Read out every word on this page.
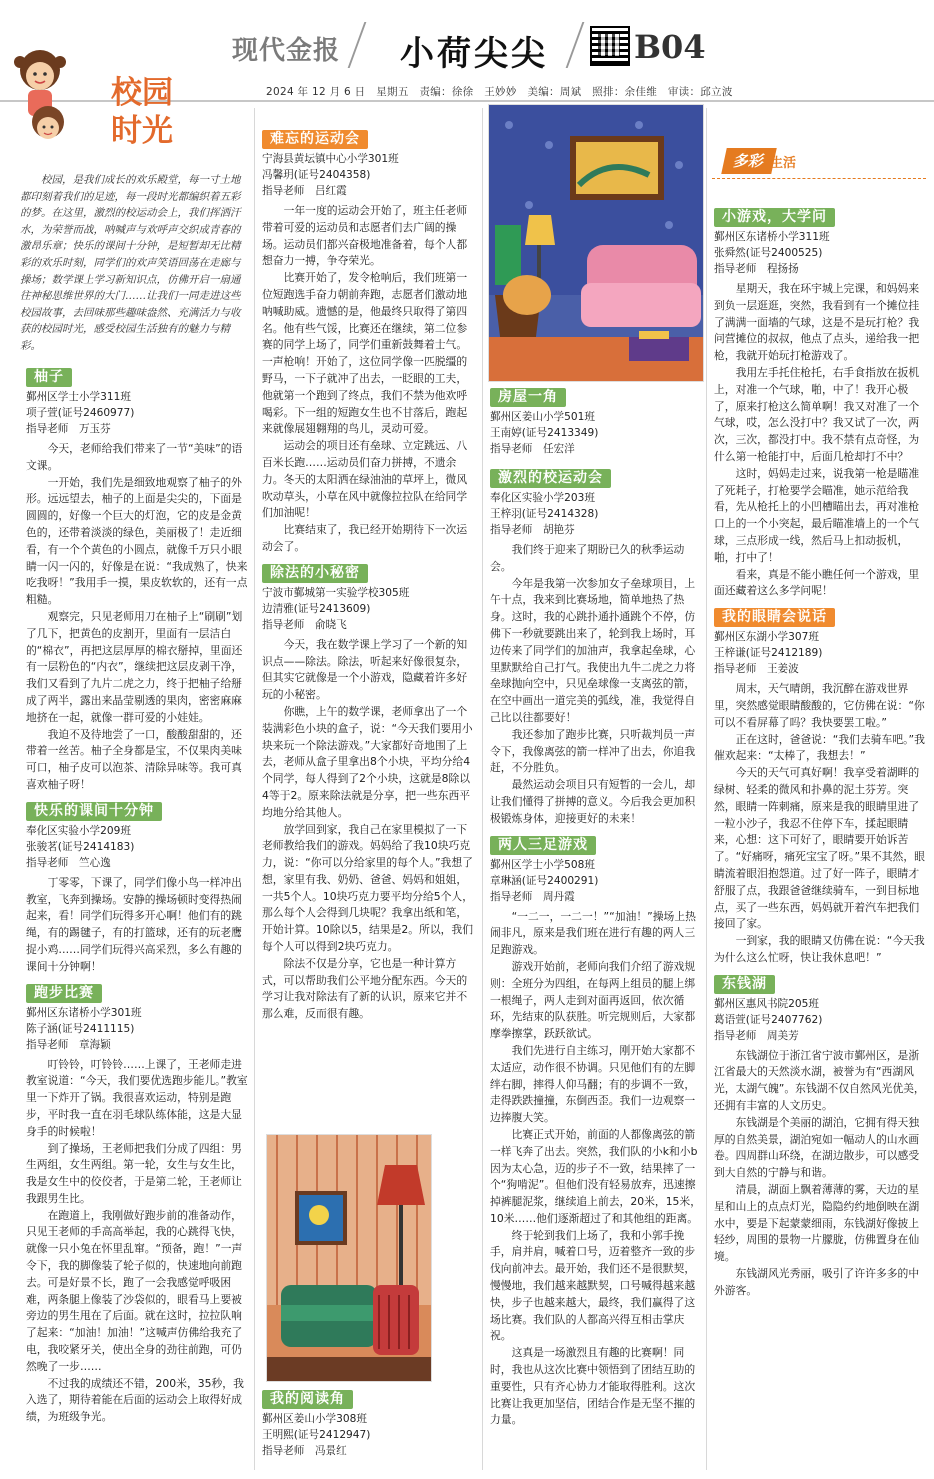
现代金报 小荷尖尖	B04
2024 年 12 月 6 日　星期五　责编：徐徐　王妙妙　美编：周斌　照排：余佳维　审读：邱立波
校园
时光
校园，是我们成长的欢乐殿堂，每一寸土地都印刻着我们的足迹，每一段时光都编织着五彩的梦。在这里，激烈的校运动会上，我们挥洒汗水，为荣誉而战，呐喊声与欢呼声交织成青春的激昂乐章；快乐的课间十分钟，是短暂却无比精彩的欢乐时刻，同学们的欢声笑语回荡在走廊与操场；数学课上学习新知识点，仿佛开启一扇通往神秘思维世界的大门……让我们一同走进这些校园故事，去回味那些趣味盎然、充满活力与收获的校园时光，感受校园生活独有的魅力与精彩。
柚子
鄞州区学士小学311班
项子萱(证号2460977)
指导老师　万玉芬

今天，老师给我们带来了一节“美味”的语文课。

一开始，我们先是细致地观察了柚子的外形。远远望去，柚子的上面是尖尖的，下面是圆圆的，好像一个巨大的灯泡，它的皮是金黄色的，还带着淡淡的绿色，美丽极了！走近细看，有一个个黄色的小圆点，就像千万只小眼睛一闪一闪的，好像是在说：“我成熟了，快来吃我呀！”我用手一摸，果皮软软的，还有一点粗糙。

观察完，只见老师用刀在柚子上“刷刷”划了几下，把黄色的皮割开，里面有一层洁白的“棉衣”，再把这层厚厚的棉衣掰掉，里面还有一层粉色的“内衣”，继续把这层皮剥干净，我们又看到了九片二虎之力，终于把柚子给掰成了两半，露出来晶莹剔透的果肉，密密麻麻地挤在一起，就像一群可爱的小娃娃。

我迫不及待地尝了一口，酸酸甜甜的，还带着一丝苦。柚子全身都是宝，不仅果肉美味可口，柚子皮可以泡茶、清除异味等。我可真喜欢柚子呀！

快乐的课间十分钟
奉化区实验小学209班
张骏茗(证号2414183)
指导老师　竺心逸

丁零零，下课了，同学们像小鸟一样冲出教室，飞奔到操场。安静的操场顿时变得热闹起来，看！同学们玩得多开心啊！他们有的跳绳，有的踢毽子，有的打篮球，还有的玩老鹰捉小鸡……同学们玩得兴高采烈，多么有趣的课间十分钟啊！

跑步比赛
鄞州区东诸桥小学301班
陈子涵(证号2411115)
指导老师　章海颖

叮铃铃，叮铃铃……上课了，王老师走进教室说道：“今天，我们要优选跑步能儿。”教室里一下炸开了锅。我很喜欢运动，特别是跑步，平时我一直在羽毛球队练体能，这是大显身手的时候啦！

到了操场，王老师把我们分成了四组：男生两组，女生两组。第一轮，女生与女生比，我是女生中的佼佼者，于是第二轮，王老师让我跟男生比。

在跑道上，我刚做好跑步前的准备动作，只见王老师的手高高举起，我的心跳得飞快，就像一只小兔在怀里乱窜。“预备，跑！”一声令下，我的脚像装了轮子似的，快速地向前跑去。可是好景不长，跑了一会我感觉呼吸困难，两条腿上像装了沙袋似的，眼看马上要被旁边的男生甩在了后面。就在这时，拉拉队响了起来：“加油！加油！”这喊声仿佛给我充了电，我咬紧牙关，使出全身的劲往前跑，可仍然晚了一步……

不过我的成绩还不错，200米，35秒，我入选了，期待着能在后面的运动会上取得好成绩，为班级争光。

难忘的运动会
宁海县黄坛镇中心小学301班
冯馨玥(证号2404358)
指导老师　吕红霞

一年一度的运动会开始了，班主任老师带着可爱的运动员和志愿者们去广阔的操场。运动员们都兴奋极地准备着，每个人都想奋力一搏，争夺荣光。

比赛开始了，发令枪响后，我们班第一位短跑选手奋力朝前奔跑，志愿者们激动地呐喊助威。遗憾的是，他最终只取得了第四名。他有些气馁，比赛还在继续，第二位参赛的同学上场了，同学们重新鼓舞着士气。一声枪响！开始了，这位同学像一匹脱缰的野马，一下子就冲了出去，一眨眼的工夫，他就第一个跑到了终点，我们不禁为他欢呼喝彩。下一组的短跑女生也不甘落后，跑起来就像展翅翱翔的鸟儿，灵动可爱。

运动会的项目还有垒球、立定跳远、八百米长跑……运动员们奋力拼搏，不遗余力。冬天的太阳洒在绿油油的草坪上，微风吹动草头，小草在风中就像拉拉队在给同学们加油呢！

比赛结束了，我已经开始期待下一次运动会了。

除法的小秘密
宁波市鄞城第一实验学校305班
边清雅(证号2413609)
指导老师　俞晓飞

今天，我在数学课上学习了一个新的知识点——除法。除法，听起来好像很复杂，但其实它就像是一个小游戏，隐藏着许多好玩的小秘密。

你瞧，上午的数学课，老师拿出了一个装满彩色小块的盒子，说：“今天我们要用小块来玩一个除法游戏。”大家都好奇地围了上去，老师从盒子里拿出8个小块，平均分给4个同学，每人得到了2个小块，这就是8除以4等于2。原来除法就是分享，把一些东西平均地分给其他人。

放学回到家，我自己在家里模拟了一下老师教给我们的游戏。妈妈给了我10块巧克力，说：“你可以分给家里的每个人。”我想了想，家里有我、奶奶、爸爸、妈妈和姐姐，一共5个人。10块巧克力要平均分给5个人，那么每个人会得到几块呢？我拿出纸和笔，开始计算。10除以5，结果是2。所以，我们每个人可以得到2块巧克力。

除法不仅是分享，它也是一种计算方式，可以帮助我们公平地分配东西。今天的学习让我对除法有了新的认识，原来它并不那么难，反而很有趣。

我的阅读角
鄞州区姜山小学308班
王明熙(证号2412947)
指导老师　冯景红
房屋一角
鄞州区姜山小学501班
王南婷(证号2413349)
指导老师　任宏洋
激烈的校运动会
奉化区实验小学203班
王梓羽(证号2414328)
指导老师　胡艳芬

我们终于迎来了期盼已久的秋季运动会。

今年是我第一次参加女子垒球项目，上午十点，我来到比赛场地，简单地热了热身。这时，我的心跳扑通扑通跳个不停，仿佛下一秒就要跳出来了，轮到我上场时，耳边传来了同学们的加油声，我拿起垒球，心里默默给自己打气。我使出九牛二虎之力将垒球抛向空中，只见垒球像一支离弦的箭，在空中画出一道完美的弧线，准，我觉得自己比以往都要好！

我还参加了跑步比赛，只听裁判员一声令下，我像离弦的箭一样冲了出去，你追我赶，不分胜负。

最然运动会项目只有短暂的一会儿，却让我们懂得了拼搏的意义。今后我会更加积极锻炼身体，迎接更好的未来！

两人三足游戏
鄞州区学士小学508班
章琳涵(证号2400291)
指导老师　周丹霞

“一二一，一二一！”“加油！”操场上热闹非凡，原来是我们班在进行有趣的两人三足跑游戏。

游戏开始前，老师向我们介绍了游戏规则：全班分为四组，在每两上组员的腿上绑一根绳子，两人走到对面再返回，依次循环，先结束的队获胜。听完规则后，大家都摩拳擦掌，跃跃欲试。

我们先进行自主练习，刚开始大家都不太适应，动作很不协调。只见他们有的左脚绊右脚，摔得人仰马翻；有的步调不一致，走得跌跌撞撞，东倒西歪。我们一边观察一边捧腹大笑。

比赛正式开始，前面的人都像离弦的箭一样飞奔了出去。突然，我们队的小k和小b因为太心急，迈的步子不一致，结果摔了一个“狗啃泥”。但他们没有轻易放弃，迅速擦掉裤腿泥浆，继续追上前去，20米，15米，10米……他们逐渐超过了和其他组的距离。

终于轮到我们上场了，我和小郭手挽手，肩并肩，喊着口号，迈着整齐一致的步伐向前冲去。最开始，我们还不是很默契，慢慢地，我们越来越默契，口号喊得越来越快，步子也越来越大，最终，我们赢得了这场比赛。我们队的人都高兴得互相击掌庆祝。

这真是一场激烈且有趣的比赛啊！同时，我也从这次比赛中领悟到了团结互助的重要性，只有齐心协力才能取得胜利。这次比赛让我更加坚信，团结合作是无坚不摧的力量。

多彩 生活
小游戏，大学问
鄞州区东诸桥小学311班
张舜然(证号2400525)
指导老师　程扬扬

星期天，我在环宇城上完课，和妈妈来到负一层逛逛，突然，我看到有一个摊位挂了满满一面墙的气球，这是不是玩打枪？我问营摊位的叔叔，他点了点头，递给我一把枪，我就开始玩打枪游戏了。

我用左手托住枪托，右手食指放在扳机上，对准一个气球，啪，中了！我开心极了，原来打枪这么简单啊！我又对准了一个气球，哎，怎么没打中？我又试了一次，两次，三次，都没打中。我不禁有点奇怪，为什么第一枪能打中，后面几枪却打不中？

这时，妈妈走过来，说我第一枪是瞄准了死耗子，打枪要学会瞄准，她示范给我看，先从枪托上的小凹槽瞄出去，再对准枪口上的一个小突起，最后瞄准墙上的一个气球，三点形成一线，然后马上扣动扳机，啪，打中了！

看来，真是不能小瞧任何一个游戏，里面还藏着这么多学问呢！

我的眼睛会说话
鄞州区东湖小学307班
王梓谦(证号2412189)
指导老师　王姜波

周末，天气晴朗，我沉醉在游戏世界里，突然感觉眼睛酸酸的，它仿佛在说：“你可以不看屏幕了吗？我快要罢工啦。”

正在这时，爸爸说：“我们去骑车吧。”我催欢起来：“太棒了，我想去！”

今天的天气可真好啊！我享受着湖畔的绿树、轻柔的微风和扑鼻的泥土芬芳。突然，眼睛一阵刺痛，原来是我的眼睛里进了一粒小沙子，我忍不住停下车，揉起眼睛来，心想：这下可好了，眼睛要开始诉苦了。“好痛呀，痛死宝宝了呀。”果不其然，眼睛流着眼泪抱怨道。过了好一阵子，眼睛才舒服了点，我跟爸爸继续骑车，一到目标地点，买了一些东西，妈妈就开着汽车把我们接回了家。

一到家，我的眼睛又仿佛在说：“今天我为什么这么忙呀，快让我休息吧！”

东钱湖
鄞州区惠风书院205班
葛语萱(证号2407762)
指导老师　周美芳

东钱湖位于浙江省宁波市鄞州区，是浙江省最大的天然淡水湖，被誉为有“西湖风光，太湖气魄”。东钱湖不仅自然风光优美，还拥有丰富的人文历史。

东钱湖是个美丽的湖泊，它拥有得天独厚的自然美景，湖泊宛如一幅动人的山水画卷。四周群山环绕，在湖边散步，可以感受到大自然的宁静与和谐。

清晨，湖面上飘着薄薄的雾，天边的星星和山上的点点灯光，隐隐约约地倒映在湖水中，要是下起蒙蒙细雨，东钱湖好像披上轻纱，周围的景物一片朦胧，仿佛置身在仙境。

东钱湖风光秀丽，吸引了许许多多的中外游客。
